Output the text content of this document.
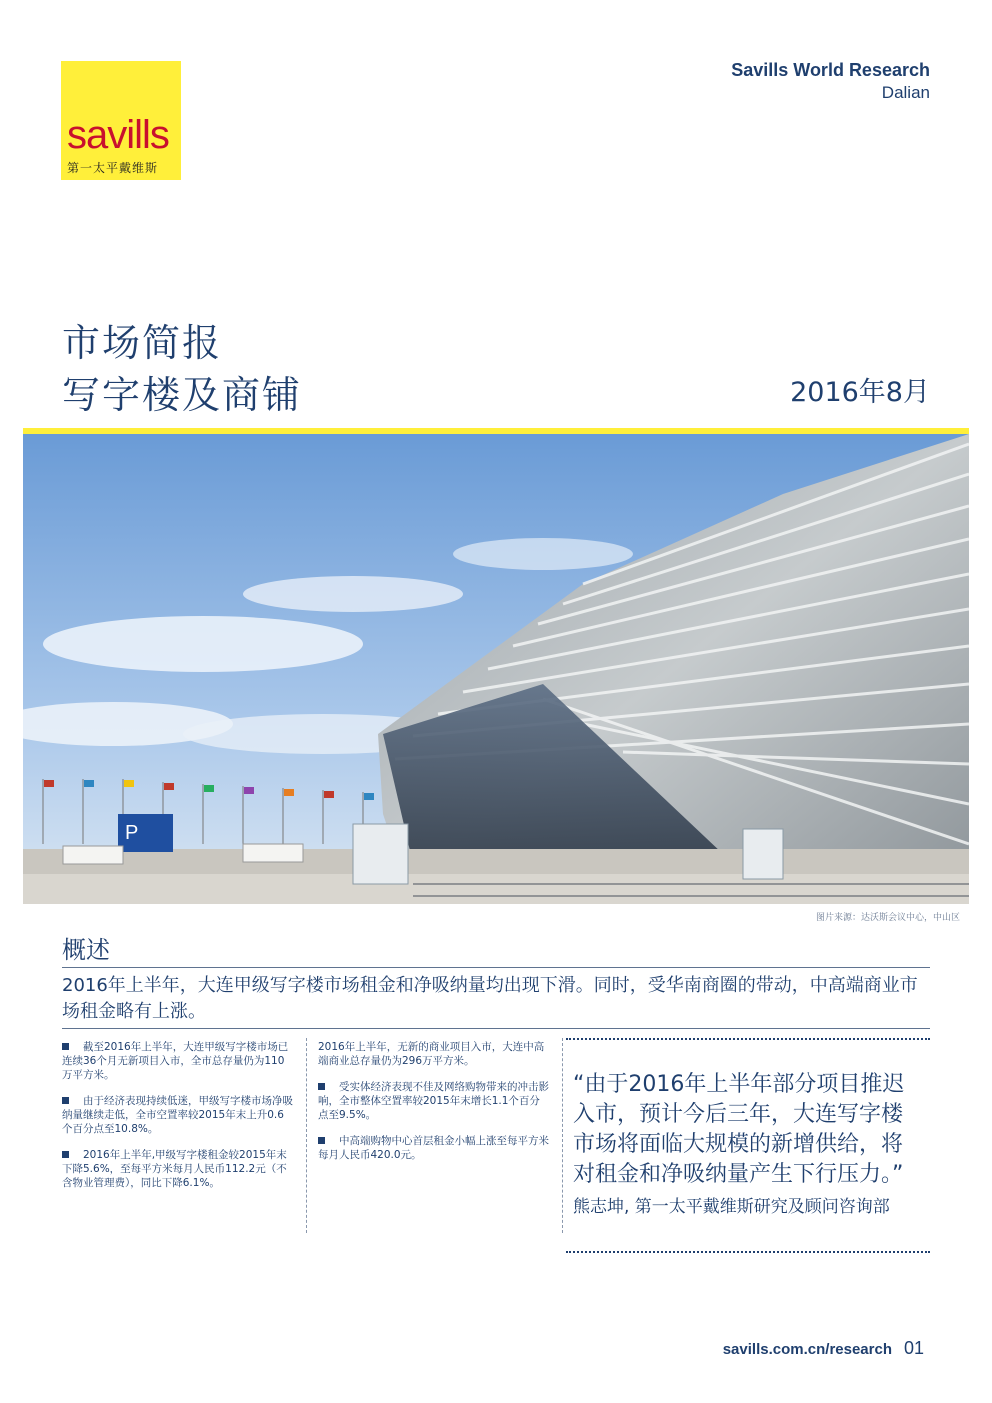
savills
第一太平戴维斯
Savills World Research
Dalian
市场简报
写字楼及商铺	2016年8月
P
图片来源：达沃斯会议中心，中山区
概述
2016年上半年，大连甲级写字楼市场租金和净吸纳量均出现下滑。同时，受华南商圈的带动，中高端商业市场租金略有上涨。
截至2016年上半年，大连甲级写字楼市场已连续36个月无新项目入市，全市总存量仍为110万平方米。
由于经济表现持续低迷，甲级写字楼市场净吸纳量继续走低，全市空置率较2015年末上升0.6个百分点至10.8%。
2016年上半年,甲级写字楼租金较2015年末下降5.6%，至每平方米每月人民币112.2元（不含物业管理费），同比下降6.1%。
2016年上半年，无新的商业项目入市，大连中高端商业总存量仍为296万平方米。
受实体经济表现不佳及网络购物带来的冲击影响，全市整体空置率较2015年末增长1.1个百分点至9.5%。
中高端购物中心首层租金小幅上涨至每平方米每月人民币420.0元。
“由于2016年上半年部分项目推迟入市，预计今后三年，大连写字楼市场将面临大规模的新增供给，将对租金和净吸纳量产生下行压力。” 熊志坤, 第一太平戴维斯研究及顾问咨询部
savills.com.cn/research 01
